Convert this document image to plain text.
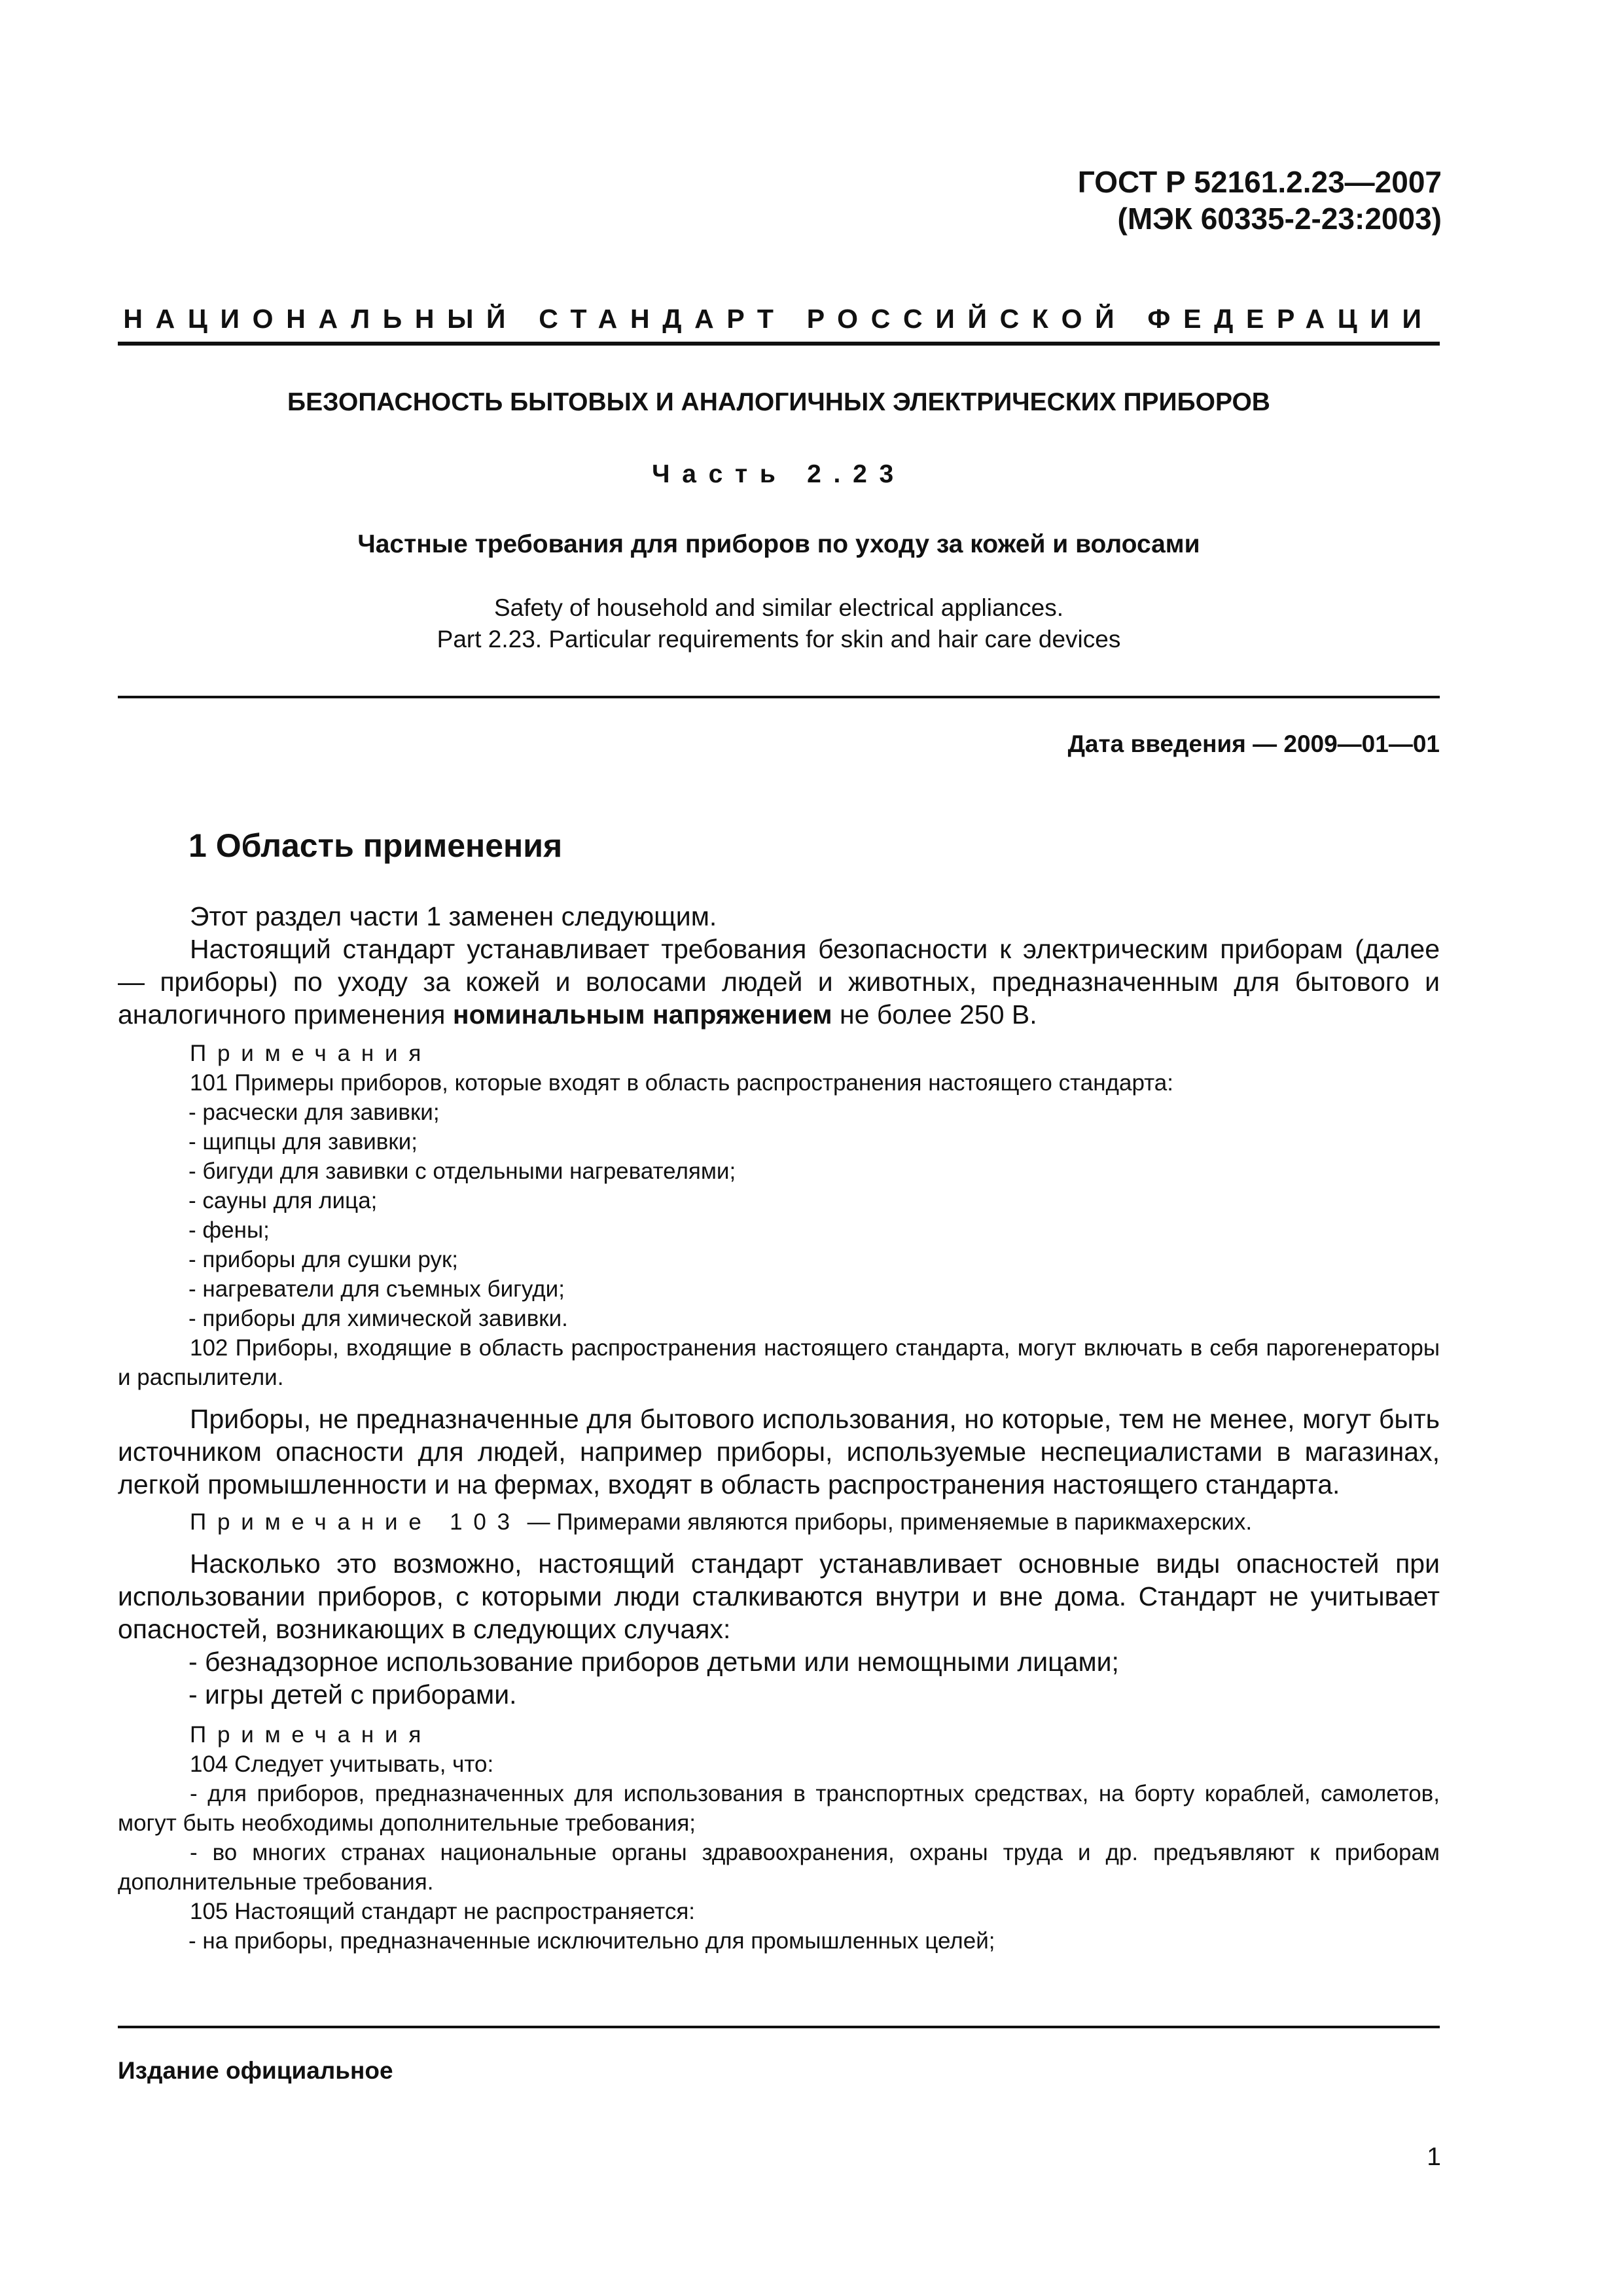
ГОСТ Р 52161.2.23—2007
(МЭК 60335-2-23:2003)
НАЦИОНАЛЬНЫЙ СТАНДАРТ РОССИЙСКОЙ ФЕДЕРАЦИИ
БЕЗОПАСНОСТЬ БЫТОВЫХ И АНАЛОГИЧНЫХ ЭЛЕКТРИЧЕСКИХ ПРИБОРОВ
Часть 2.23
Частные требования для приборов по уходу за кожей и волосами
Safety of household and similar electrical appliances.
Part 2.23. Particular requirements for skin and hair care devices
Дата введения — 2009—01—01
1 Область применения
Этот раздел части 1 заменен следующим.
Настоящий стандарт устанавливает требования безопасности к электрическим приборам (далее — приборы) по уходу за кожей и волосами людей и животных, предназначенным для бытового и аналогичного применения номинальным напряжением не более 250 В.
Примечания
101 Примеры приборов, которые входят в область распространения настоящего стандарта:
- расчески для завивки;
- щипцы для завивки;
- бигуди для завивки с отдельными нагревателями;
- сауны для лица;
- фены;
- приборы для сушки рук;
- нагреватели для съемных бигуди;
- приборы для химической завивки.
102 Приборы, входящие в область распространения настоящего стандарта, могут включать в себя парогенераторы и распылители.
Приборы, не предназначенные для бытового использования, но которые, тем не менее, могут быть источником опасности для людей, например приборы, используемые неспециалистами в магазинах, легкой промышленности и на фермах, входят в область распространения настоящего стандарта.
Примечание 103 — Примерами являются приборы, применяемые в парикмахерских.
Насколько это возможно, настоящий стандарт устанавливает основные виды опасностей при использовании приборов, с которыми люди сталкиваются внутри и вне дома. Стандарт не учитывает опасностей, возникающих в следующих случаях:
- безнадзорное использование приборов детьми или немощными лицами;
- игры детей с приборами.
Примечания
104 Следует учитывать, что:
- для приборов, предназначенных для использования в транспортных средствах, на борту кораблей, самолетов, могут быть необходимы дополнительные требования;
- во многих странах национальные органы здравоохранения, охраны труда и др. предъявляют к приборам дополнительные требования.
105 Настоящий стандарт не распространяется:
- на приборы, предназначенные исключительно для промышленных целей;
Издание официальное
1
